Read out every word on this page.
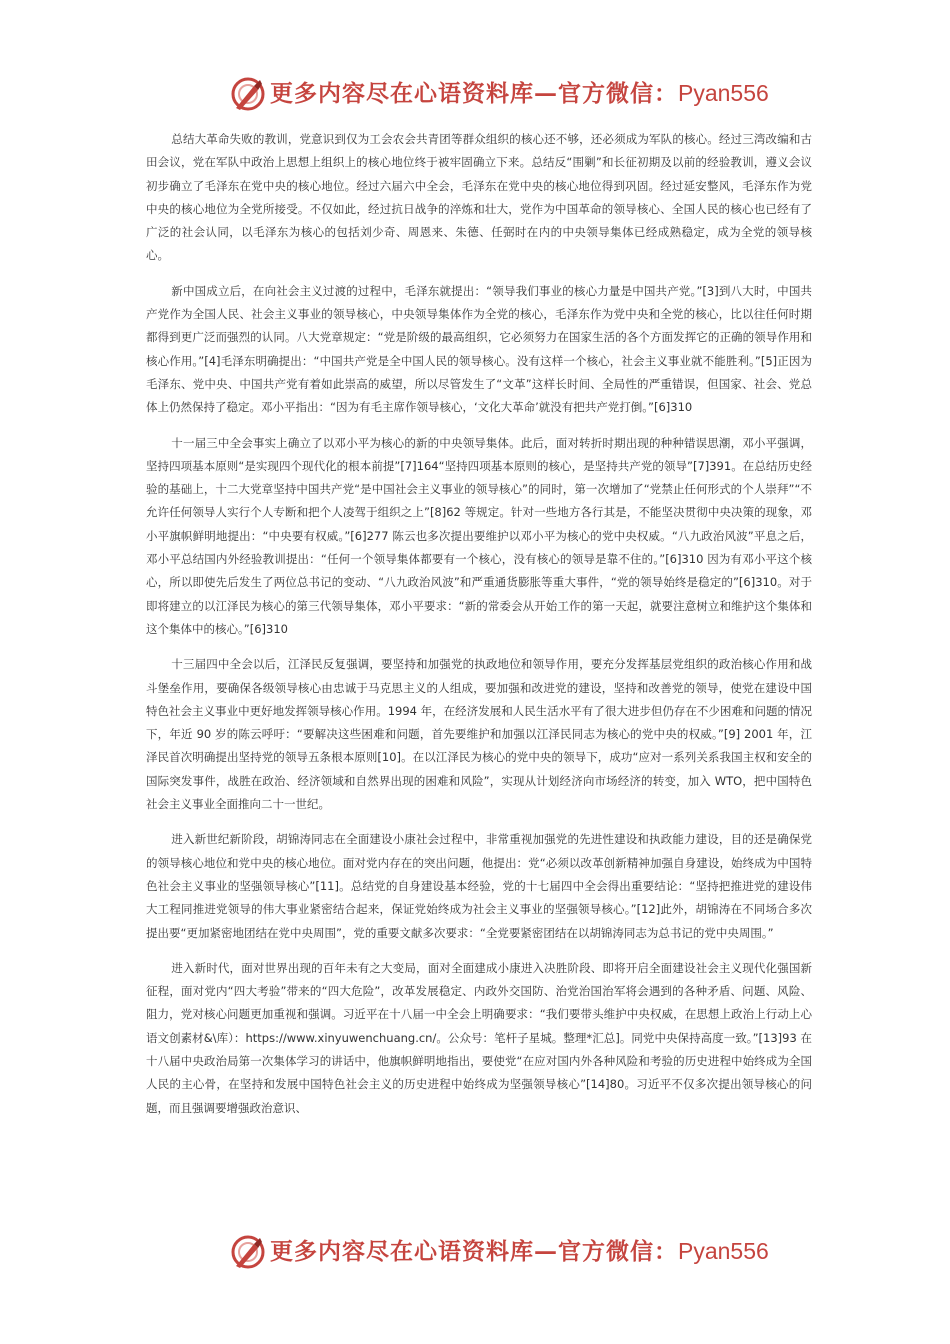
更多内容尽在心语资料库—官方微信：Pyan556

总结大革命失败的教训，党意识到仅为工会农会共青团等群众组织的核心还不够，还必须成为军队的核心。经过三湾改编和古田会议，党在军队中政治上思想上组织上的核心地位终于被牢固确立下来。总结反“围剿”和长征初期及以前的经验教训，遵义会议初步确立了毛泽东在党中央的核心地位。经过六届六中全会，毛泽东在党中央的核心地位得到巩固。经过延安整风，毛泽东作为党中央的核心地位为全党所接受。不仅如此，经过抗日战争的淬炼和壮大，党作为中国革命的领导核心、全国人民的核心也已经有了广泛的社会认同，以毛泽东为核心的包括刘少奇、周恩来、朱德、任弼时在内的中央领导集体已经成熟稳定，成为全党的领导核心。

新中国成立后，在向社会主义过渡的过程中，毛泽东就提出：“领导我们事业的核心力量是中国共产党。”[3]到八大时，中国共产党作为全国人民、社会主义事业的领导核心，中央领导集体作为全党的核心，毛泽东作为党中央和全党的核心，比以往任何时期都得到更广泛而强烈的认同。八大党章规定：“党是阶级的最高组织，它必须努力在国家生活的各个方面发挥它的正确的领导作用和核心作用。”[4]毛泽东明确提出：“中国共产党是全中国人民的领导核心。没有这样一个核心，社会主义事业就不能胜利。”[5]正因为毛泽东、党中央、中国共产党有着如此崇高的威望，所以尽管发生了“文革”这样长时间、全局性的严重错误，但国家、社会、党总体上仍然保持了稳定。邓小平指出：“因为有毛主席作领导核心，‘文化大革命’就没有把共产党打倒。”[6]310

十一届三中全会事实上确立了以邓小平为核心的新的中央领导集体。此后，面对转折时期出现的种种错误思潮，邓小平强调，坚持四项基本原则“是实现四个现代化的根本前提”[7]164“坚持四项基本原则的核心，是坚持共产党的领导”[7]391。在总结历史经验的基础上，十二大党章坚持中国共产党“是中国社会主义事业的领导核心”的同时，第一次增加了“党禁止任何形式的个人崇拜”“不允许任何领导人实行个人专断和把个人凌驾于组织之上”[8]62 等规定。针对一些地方各行其是，不能坚决贯彻中央决策的现象，邓小平旗帜鲜明地提出：“中央要有权威。”[6]277 陈云也多次提出要维护以邓小平为核心的党中央权威。“八九政治风波”平息之后，邓小平总结国内外经验教训提出：“任何一个领导集体都要有一个核心，没有核心的领导是靠不住的。”[6]310 因为有邓小平这个核心，所以即使先后发生了两位总书记的变动、“八九政治风波”和严重通货膨胀等重大事件，“党的领导始终是稳定的”[6]310。对于即将建立的以江泽民为核心的第三代领导集体，邓小平要求：“新的常委会从开始工作的第一天起，就要注意树立和维护这个集体和这个集体中的核心。”[6]310

十三届四中全会以后，江泽民反复强调，要坚持和加强党的执政地位和领导作用，要充分发挥基层党组织的政治核心作用和战斗堡垒作用，要确保各级领导核心由忠诚于马克思主义的人组成，要加强和改进党的建设，坚持和改善党的领导，使党在建设中国特色社会主义事业中更好地发挥领导核心作用。1994 年，在经济发展和人民生活水平有了很大进步但仍存在不少困难和问题的情况下，年近 90 岁的陈云呼吁：“要解决这些困难和问题，首先要维护和加强以江泽民同志为核心的党中央的权威。”[9] 2001 年，江泽民首次明确提出坚持党的领导五条根本原则[10]。在以江泽民为核心的党中央的领导下，成功“应对一系列关系我国主权和安全的国际突发事件，战胜在政治、经济领域和自然界出现的困难和风险”，实现从计划经济向市场经济的转变，加入 WTO，把中国特色社会主义事业全面推向二十一世纪。

进入新世纪新阶段，胡锦涛同志在全面建设小康社会过程中，非常重视加强党的先进性建设和执政能力建设，目的还是确保党的领导核心地位和党中央的核心地位。面对党内存在的突出问题，他提出：党“必须以改革创新精神加强自身建设，始终成为中国特色社会主义事业的坚强领导核心”[11]。总结党的自身建设基本经验，党的十七届四中全会得出重要结论：“坚持把推进党的建设伟大工程同推进党领导的伟大事业紧密结合起来，保证党始终成为社会主义事业的坚强领导核心。”[12]此外，胡锦涛在不同场合多次提出要“更加紧密地团结在党中央周围”，党的重要文献多次要求：“全党要紧密团结在以胡锦涛同志为总书记的党中央周围。”

进入新时代，面对世界出现的百年未有之大变局，面对全面建成小康进入决胜阶段、即将开启全面建设社会主义现代化强国新征程，面对党内“四大考验”带来的“四大危险”，改革发展稳定、内政外交国防、治党治国治军将会遇到的各种矛盾、问题、风险、阻力，党对核心问题更加重视和强调。习近平在十八届一中全会上明确要求：“我们要带头维护中央权威，在思想上政治上行动上心语文创素材&\库）：https://www.xinyuwenchuang.cn/。公众号：笔杆子星城。整理*汇总]。同党中央保持高度一致。”[13]93 在十八届中央政治局第一次集体学习的讲话中，他旗帜鲜明地指出，要使党“在应对国内外各种风险和考验的历史进程中始终成为全国人民的主心骨，在坚持和发展中国特色社会主义的历史进程中始终成为坚强领导核心”[14]80。习近平不仅多次提出领导核心的问题，而且强调要增强政治意识、

更多内容尽在心语资料库—官方微信：Pyan556
